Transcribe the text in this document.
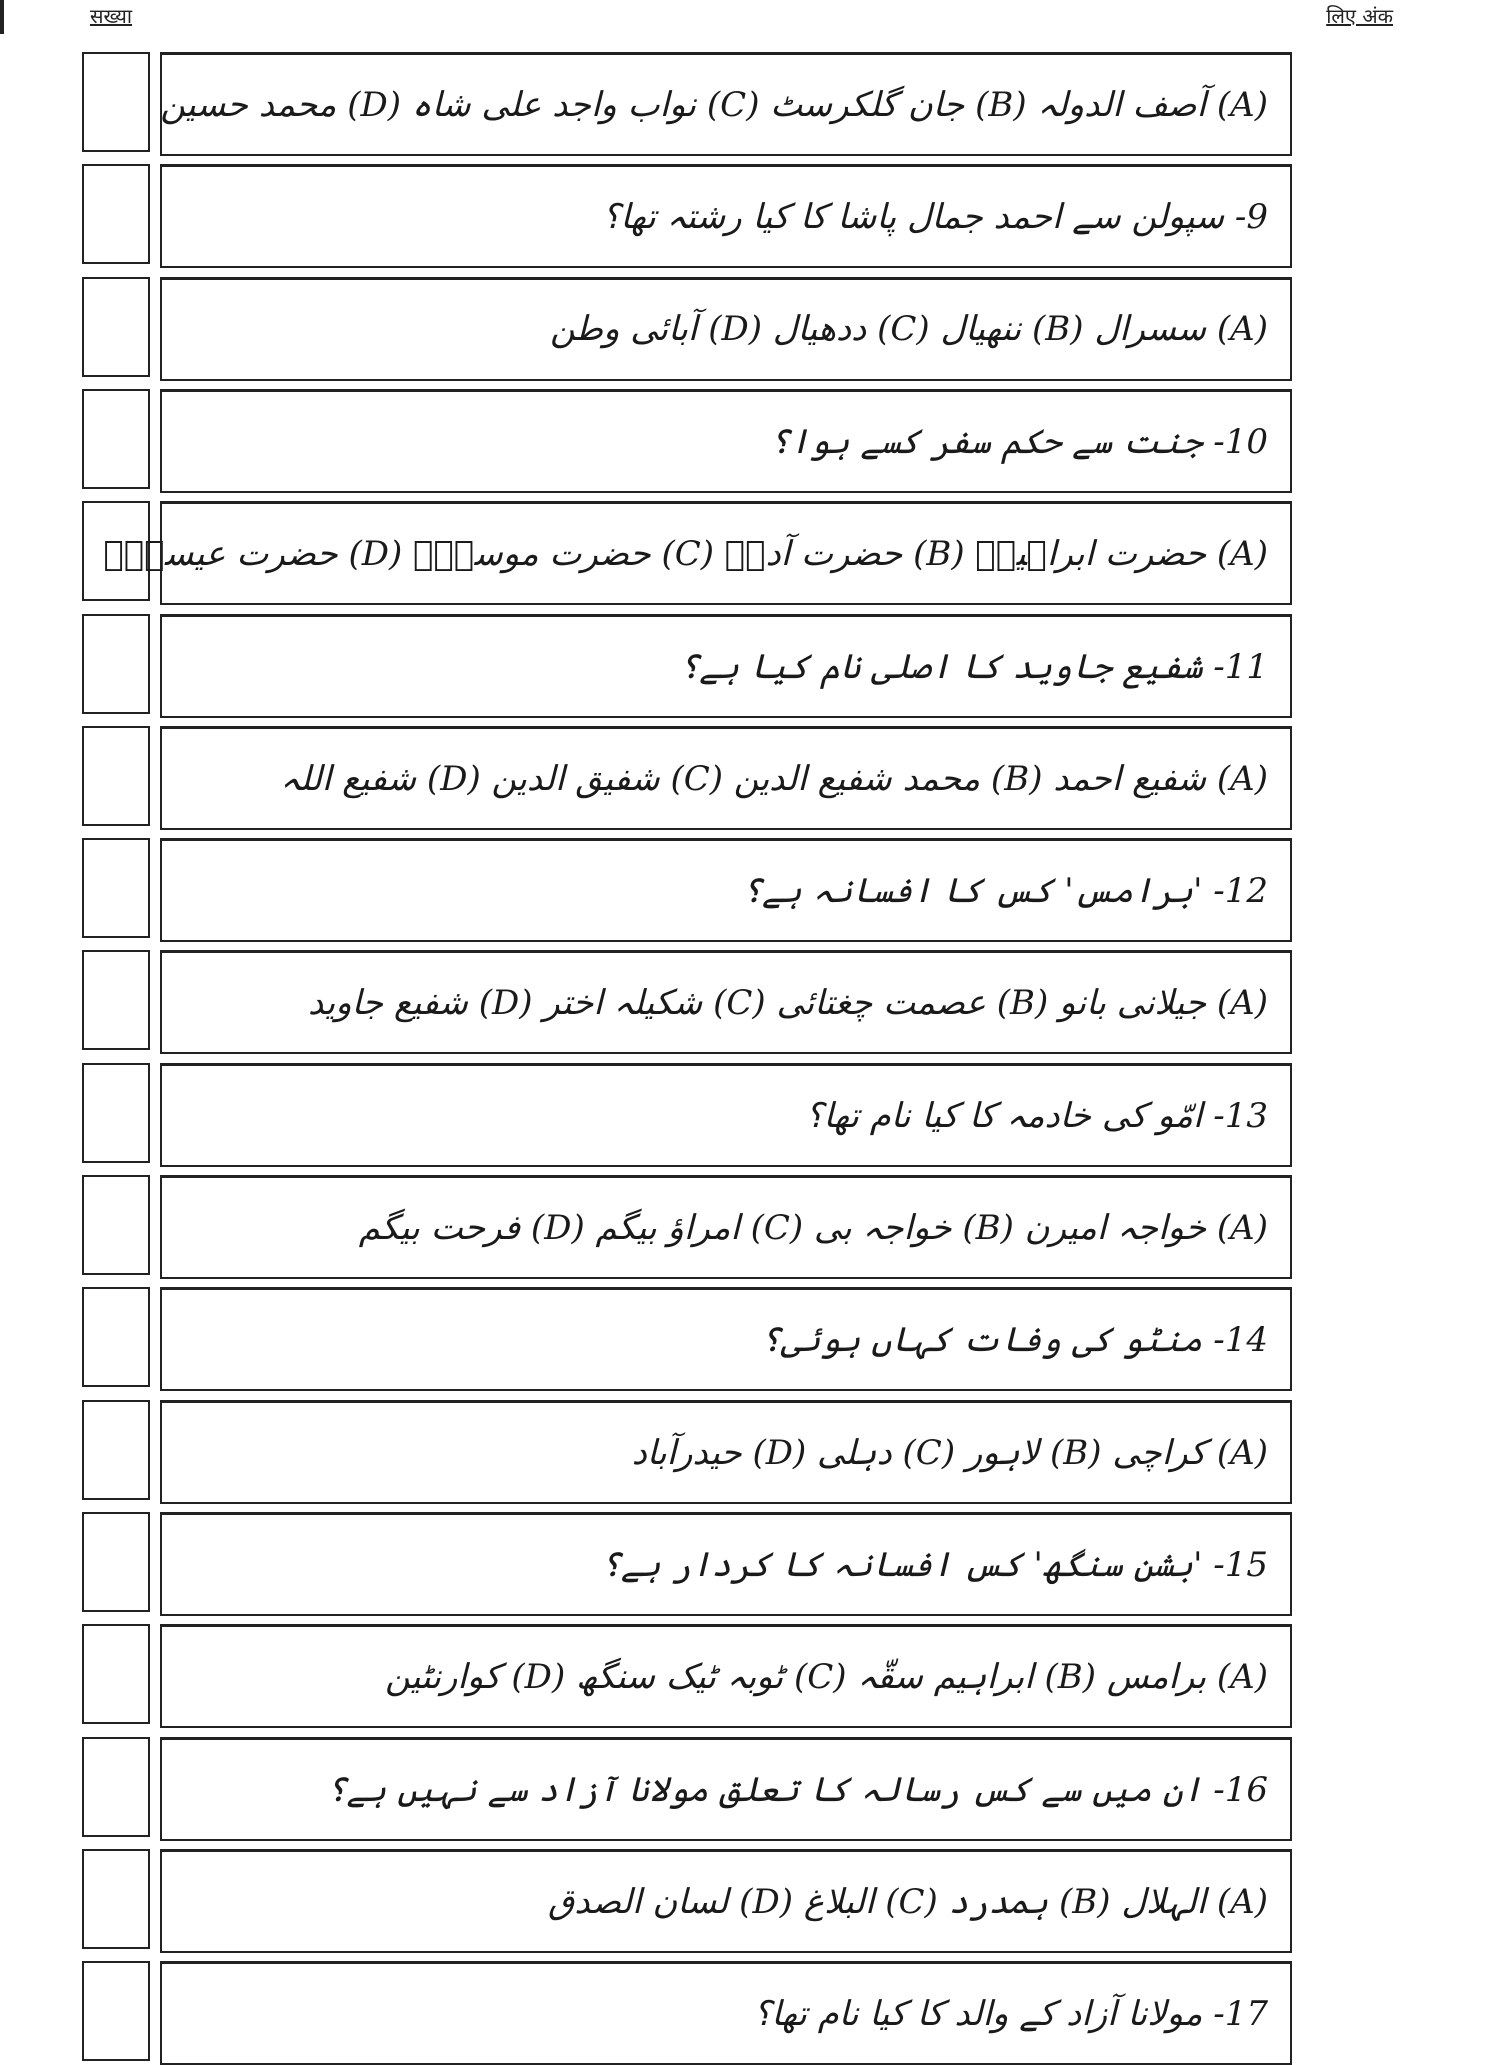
सख्या	लिए अंक
(A) آصف الدولہ (B) جان گلکرسٹ (C) نواب واجد علی شاہ (D) محمد حسین
9- سپولن سے احمد جمال پاشا کا کیا رشتہ تھا؟
(A) سسرال (B) ننھیال (C) ددھیال (D) آبائی وطن
10- جنت سے حکم سفر کسے ہوا؟
(A) حضرت ابراہیمؑ (B) حضرت آدمؑ (C) حضرت موسیٰؑ (D) حضرت عیسیٰؑ
11- شفیع جاوید کا اصلی نام کیا ہے؟
(A) شفیع احمد (B) محمد شفیع الدین (C) شفیق الدین (D) شفیع اللہ
12- 'برامس' کس کا افسانہ ہے؟
(A) جیلانی بانو (B) عصمت چغتائی (C) شکیلہ اختر (D) شفیع جاوید
13- امّو کی خادمہ کا کیا نام تھا؟
(A) خواجہ امیرن (B) خواجہ بی (C) امراؤ بیگم (D) فرحت بیگم
14- منٹو کی وفات کہاں ہوئی؟
(A) کراچی (B) لاہور (C) دہلی (D) حیدرآباد
15- 'بشن سنگھ' کس افسانہ کا کردار ہے؟
(A) برامس (B) ابراہیم سقّہ (C) ٹوبہ ٹیک سنگھ (D) کوارنٹین
16- ان میں سے کس رسالہ کا تعلق مولانا آزاد سے نہیں ہے؟
(A) الہلال (B) ہمدرد (C) البلاغ (D) لسان الصدق
17- مولانا آزاد کے والد کا کیا نام تھا؟
